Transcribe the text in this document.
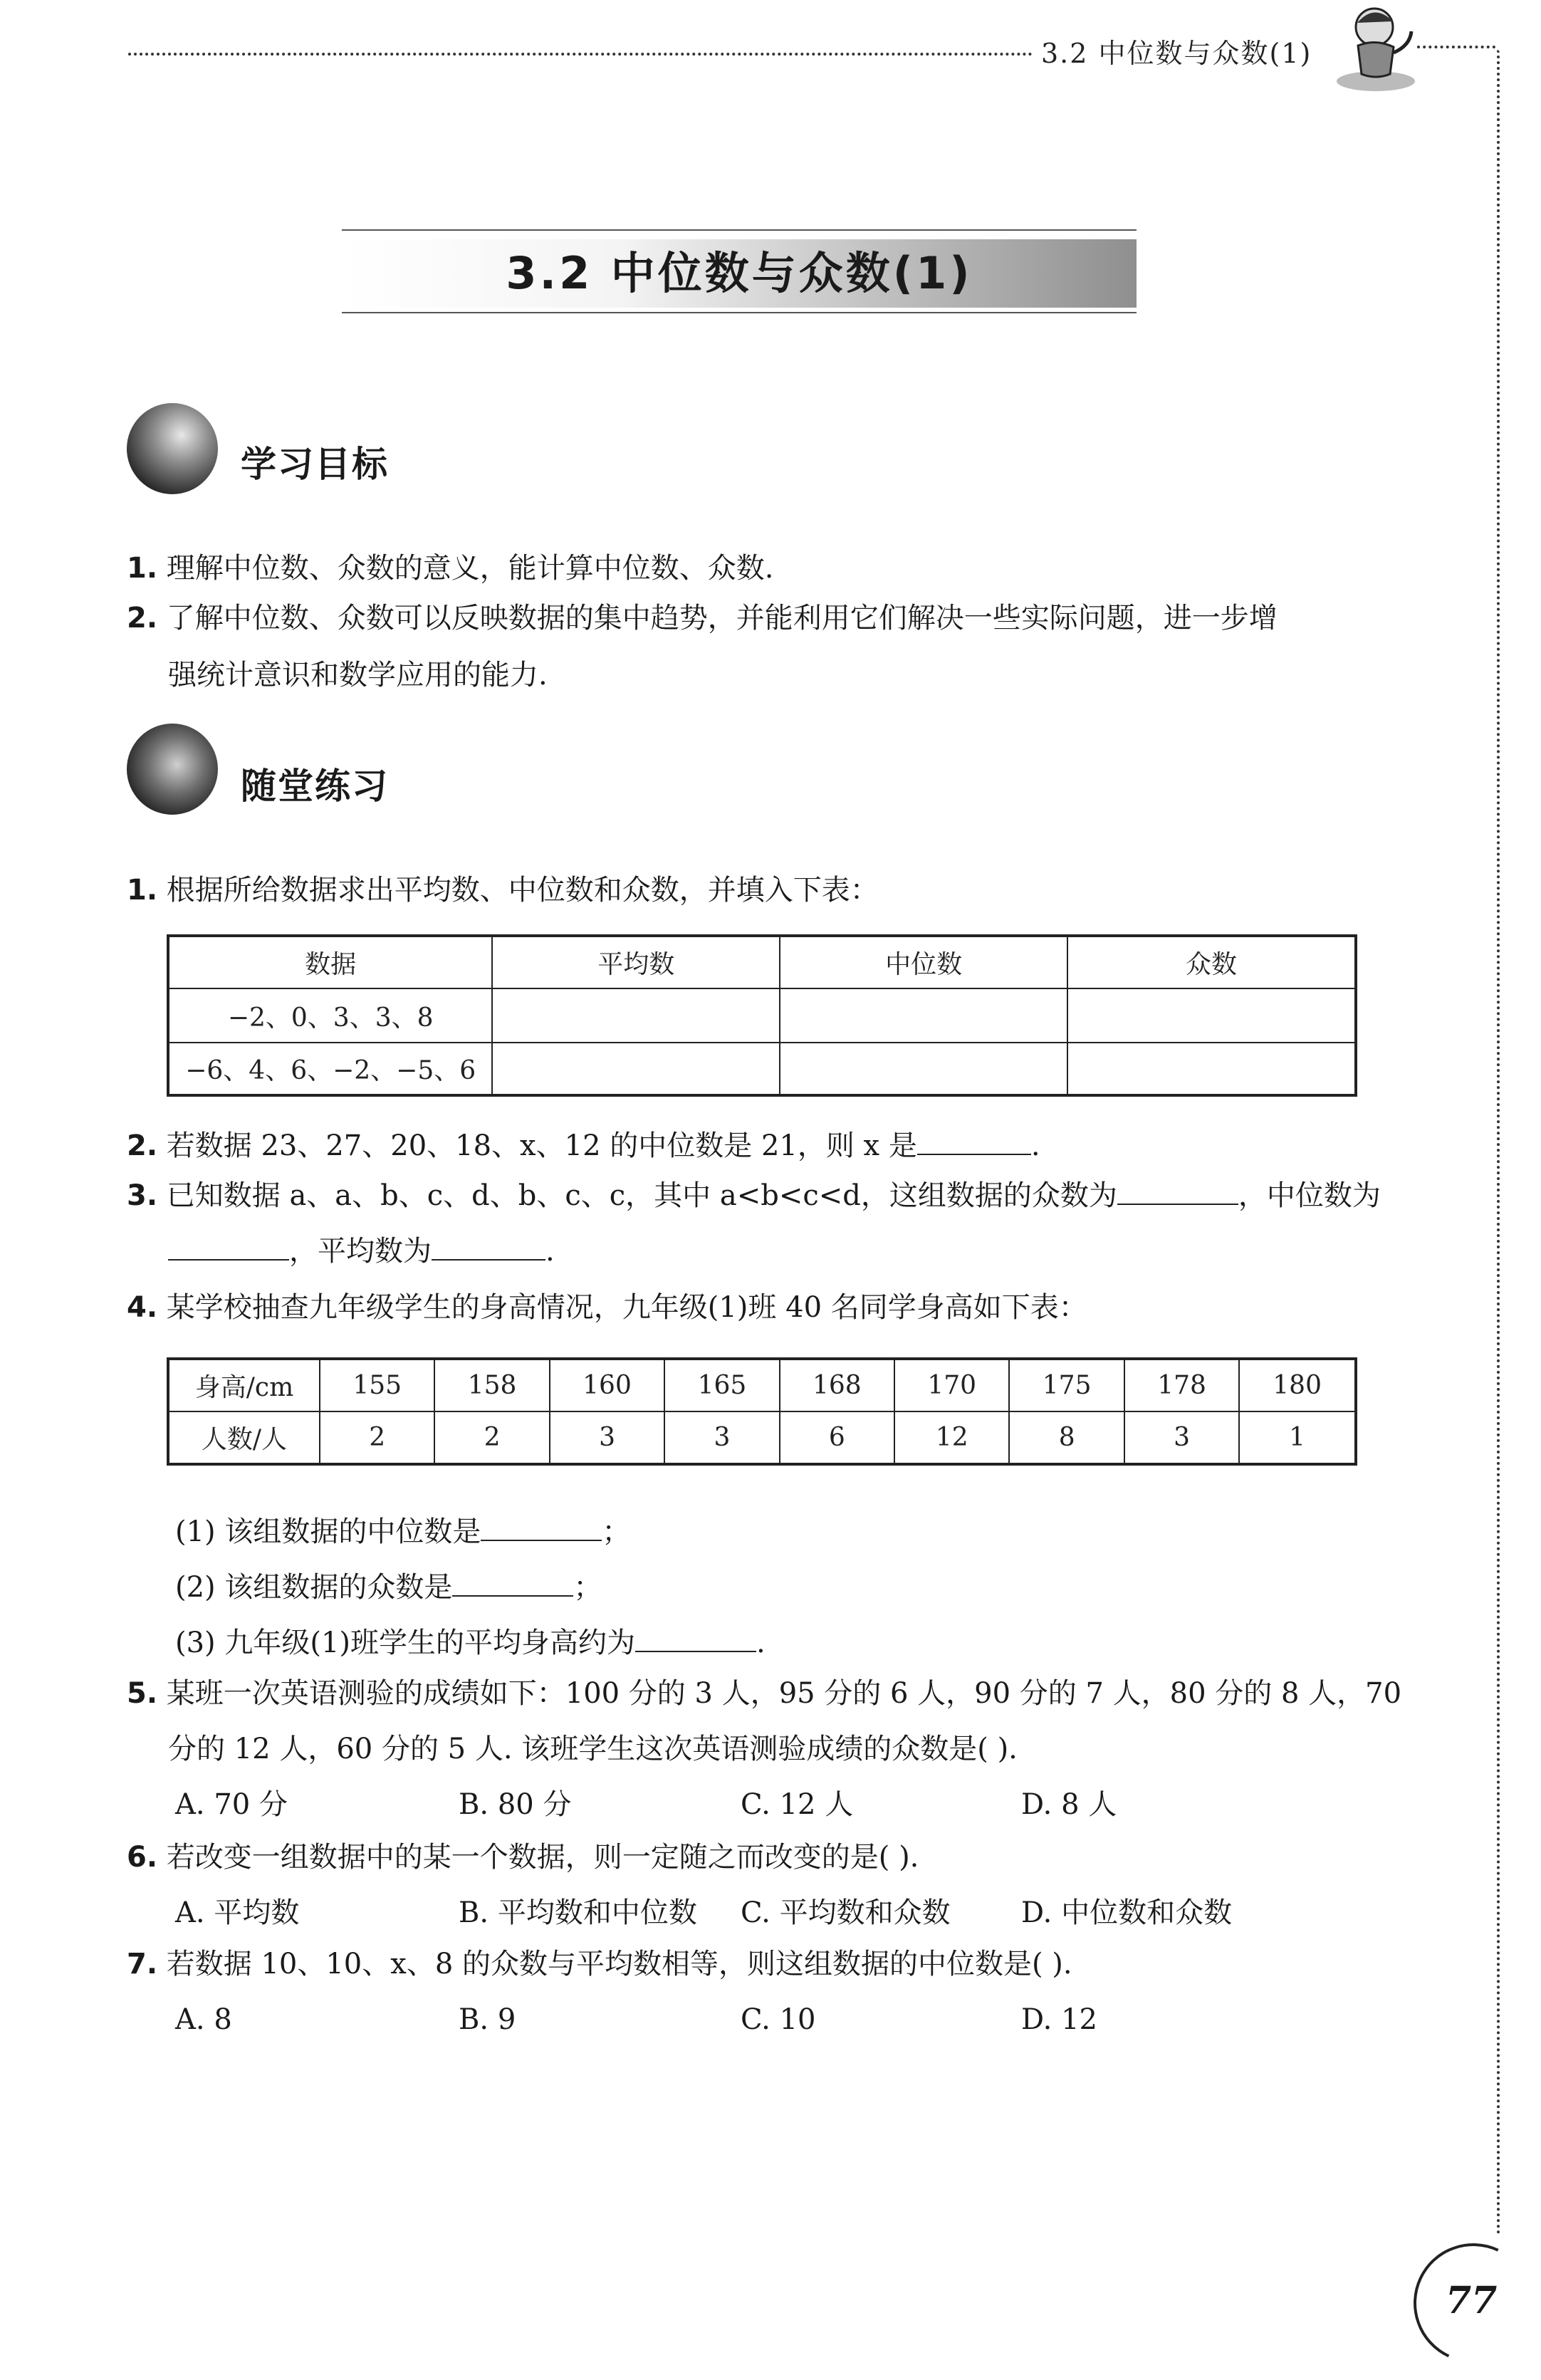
3.2 中位数与众数(1)
3.2 中位数与众数(1)
学习目标
1. 理解中位数、众数的意义，能计算中位数、众数.
2. 了解中位数、众数可以反映数据的集中趋势，并能利用它们解决一些实际问题，进一步增
强统计意识和数学应用的能力.
随堂练习
1. 根据所给数据求出平均数、中位数和众数，并填入下表：
数据	平均数	中位数	众数
−2、0、3、3、8			
−6、4、6、−2、−5、6			
2. 若数据 23、27、20、18、x、12 的中位数是 21，则 x 是	.
3. 已知数据 a、a、b、c、d、b、c、c，其中 a<b<c<d，这组数据的众数为	，中位数为
，平均数为	.
4. 某学校抽查九年级学生的身高情况，九年级(1)班 40 名同学身高如下表：
身高/cm	155	158	160	165	168	170	175	178	180
人数/人	2	2	3	3	6	12	8	3	1
(1) 该组数据的中位数是	；
(2) 该组数据的众数是	；
(3) 九年级(1)班学生的平均身高约为	.
5. 某班一次英语测验的成绩如下：100 分的 3 人，95 分的 6 人，90 分的 7 人，80 分的 8 人，70
分的 12 人，60 分的 5 人. 该班学生这次英语测验成绩的众数是( ).
A. 70 分	B. 80 分	C. 12 人	D. 8 人
6. 若改变一组数据中的某一个数据，则一定随之而改变的是( ).
A. 平均数	B. 平均数和中位数 C. 平均数和众数 D. 中位数和众数
7. 若数据 10、10、x、8 的众数与平均数相等，则这组数据的中位数是( ).
A. 8	B. 9	C. 10	D. 12
77
